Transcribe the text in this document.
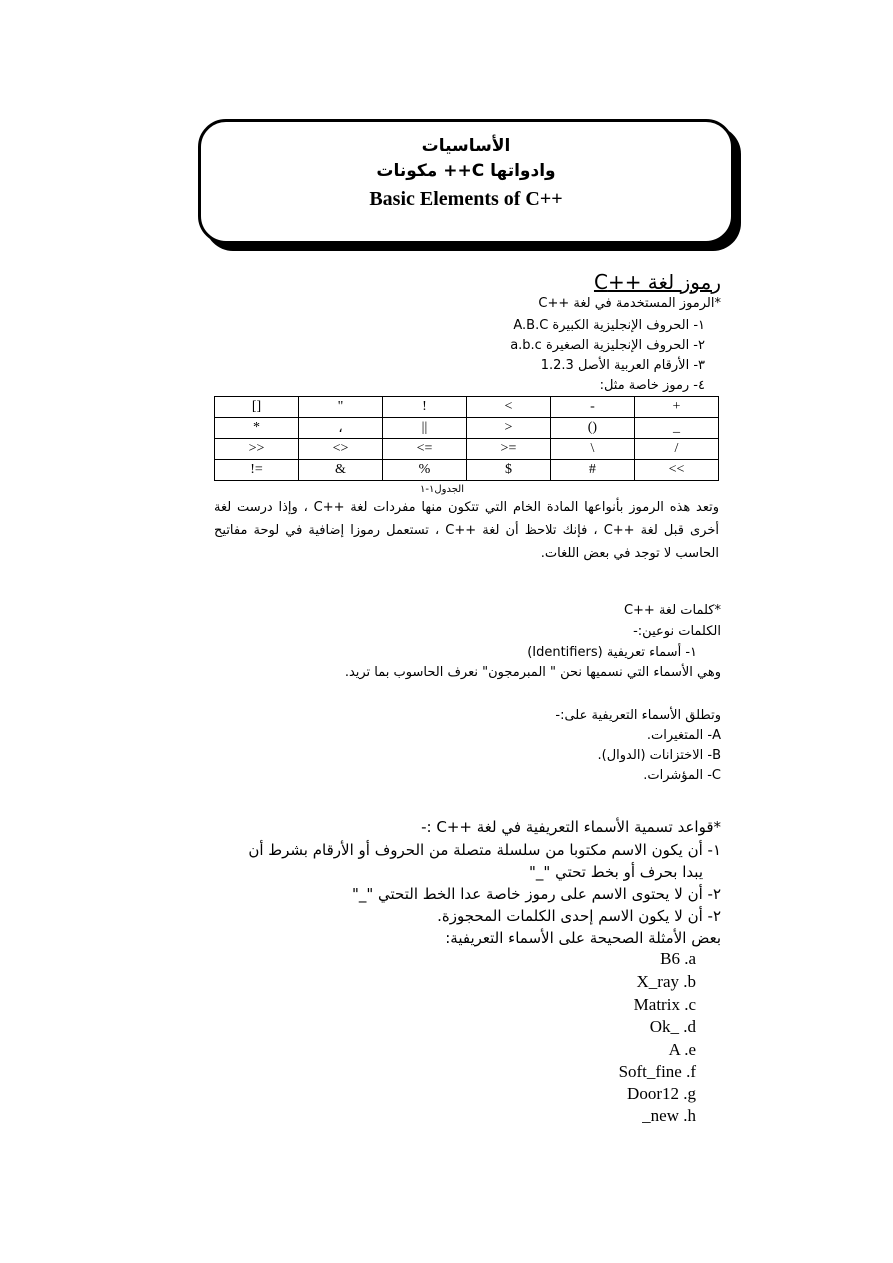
الأساسيات
مكونات ++C وادواتها
Basic Elements of C++
رموز لغة ++C
*الرموز المستخدمة في لغة ++C
١- الحروف الإنجليزية الكبيرة A.B.C
٢- الحروف الإنجليزية الصغيرة a.b.c
٣- الأرقام العربية الأصل 1.2.3
٤- رموز خاصة مثل:
[]	"	!	<	-	+
*	،	||	>	()	_
>>	<>	<=	>=	\	/
!=	&	%	$	#	<<
الجدول١-١
وتعد هذه الرموز بأنواعها المادة الخام التي تتكون منها مفردات لغة ++C ، وإذا درست لغة أخرى قبل لغة ++C ، فإنك تلاحظ أن لغة ++C ، تستعمل رموزا إضافية في لوحة مفاتيح الحاسب لا توجد في بعض اللغات.
*كلمات لغة ++C
الكلمات نوعين:-
١- أسماء تعريفية (Identifiers)
وهي الأسماء التي نسميها نحن " المبرمجون" نعرف الحاسوب بما تريد.
وتطلق الأسماء التعريفية على:-
A- المتغيرات.
B- الاختزانات (الدوال).
C- المؤشرات.
*قواعد تسمية الأسماء التعريفية في لغة ++C :-
١- أن يكون الاسم مكتوبا من سلسلة متصلة من الحروف أو الأرقام بشرط أن
يبدا بحرف أو بخط تحتي "_"
٢- أن لا يحتوى الاسم على رموز خاصة عدا الخط التحتي "_"
٢- أن لا يكون الاسم إحدى الكلمات المحجوزة.
بعض الأمثلة الصحيحة على الأسماء التعريفية:
B6 .a
X_ray .b
Matrix .c
Ok_ .d
A .e
Soft_fine .f
Door12 .g
_new .h
